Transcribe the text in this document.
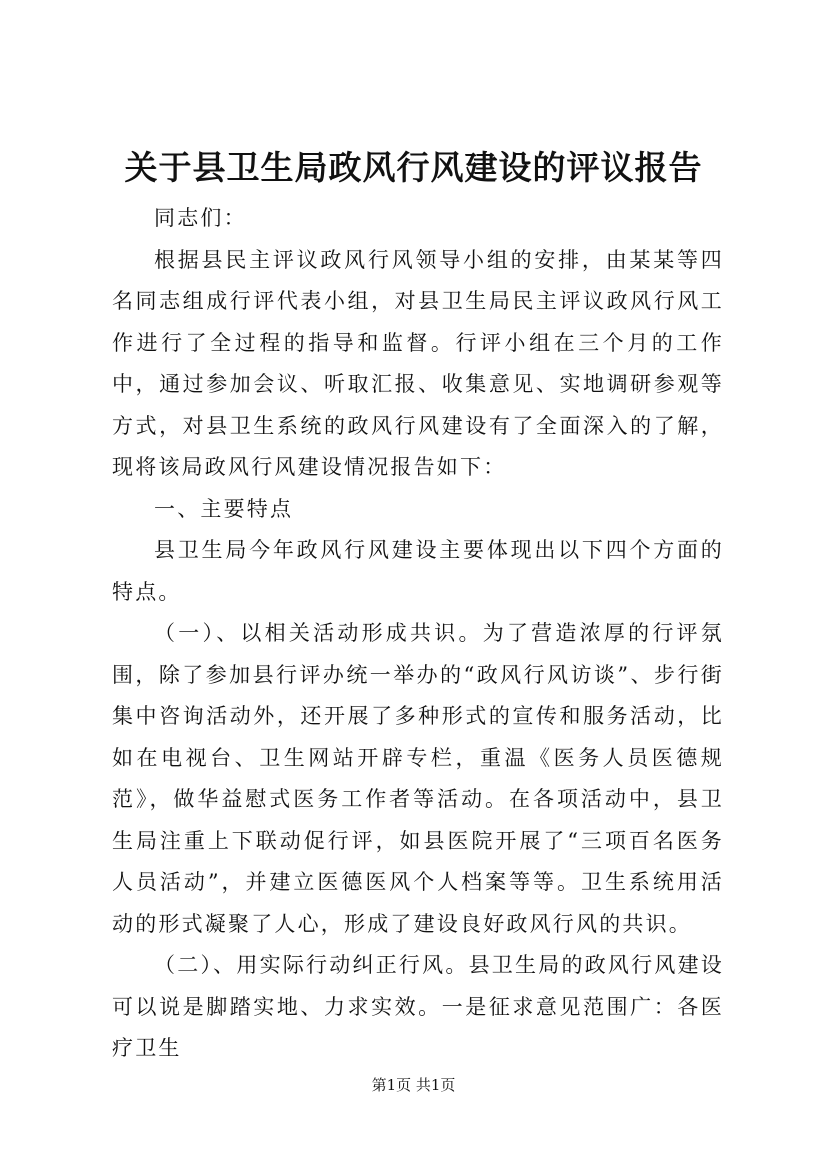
关于县卫生局政风行风建设的评议报告

同志们：

根据县民主评议政风行风领导小组的安排，由某某等四名同志组成行评代表小组，对县卫生局民主评议政风行风工作进行了全过程的指导和监督。行评小组在三个月的工作中，通过参加会议、听取汇报、收集意见、实地调研参观等方式，对县卫生系统的政风行风建设有了全面深入的了解，现将该局政风行风建设情况报告如下：

一、主要特点

县卫生局今年政风行风建设主要体现出以下四个方面的特点。

（一）、以相关活动形成共识。为了营造浓厚的行评氛围，除了参加县行评办统一举办的“政风行风访谈”、步行街集中咨询活动外，还开展了多种形式的宣传和服务活动，比如在电视台、卫生网站开辟专栏，重温《医务人员医德规范》，做华益慰式医务工作者等活动。在各项活动中，县卫生局注重上下联动促行评，如县医院开展了“三项百名医务人员活动”，并建立医德医风个人档案等等。卫生系统用活动的形式凝聚了人心，形成了建设良好政风行风的共识。

（二）、用实际行动纠正行风。县卫生局的政风行风建设可以说是脚踏实地、力求实效。一是征求意见范围广：各医疗卫生

第1页 共1页
